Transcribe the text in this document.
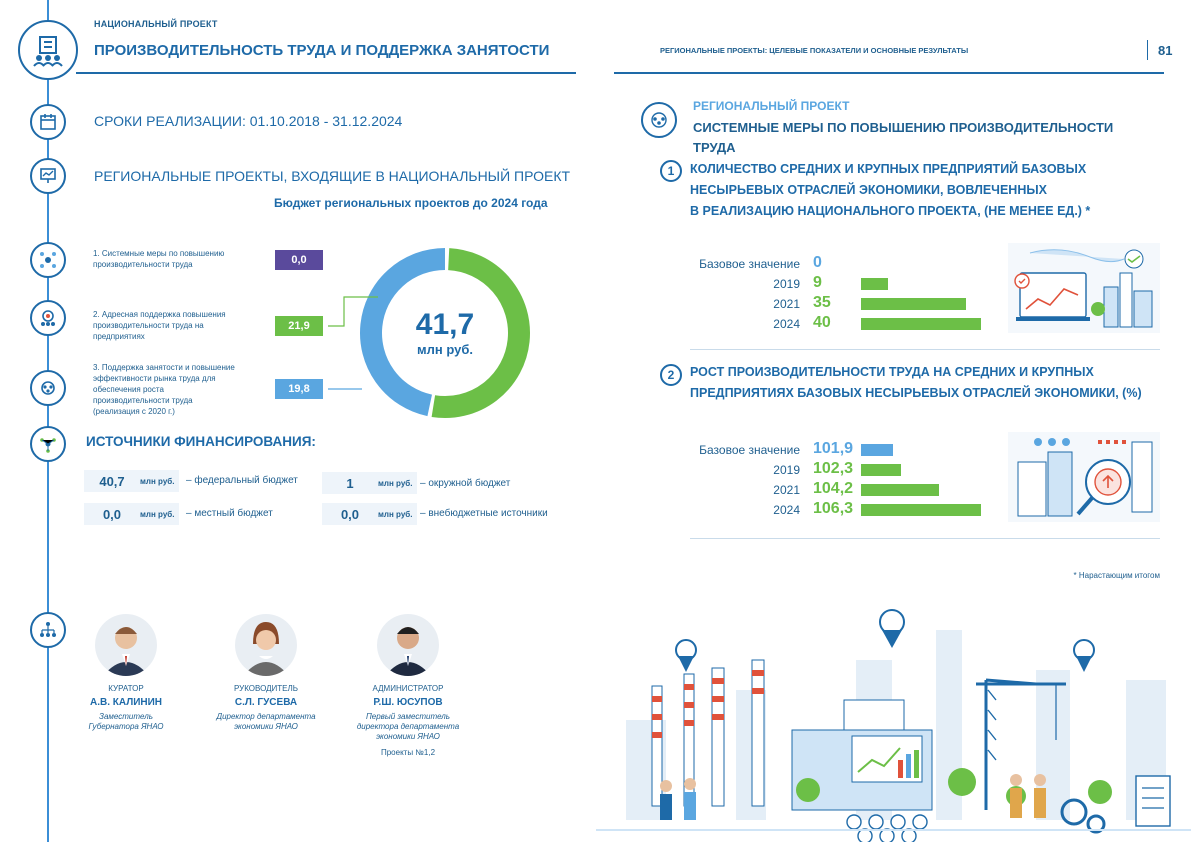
НАЦИОНАЛЬНЫЙ ПРОЕКТ
ПРОИЗВОДИТЕЛЬНОСТЬ ТРУДА И ПОДДЕРЖКА ЗАНЯТОСТИ
СРОКИ РЕАЛИЗАЦИИ: 01.10.2018 - 31.12.2024
РЕГИОНАЛЬНЫЕ ПРОЕКТЫ, ВХОДЯЩИЕ В НАЦИОНАЛЬНЫЙ ПРОЕКТ
Бюджет региональных проектов до 2024 года
1. Системные меры по повышению производительности труда
2. Адресная поддержка повышения производительности труда на предприятиях
3. Поддержка занятости и повышение эффективности рынка труда для обеспечения роста производительности труда (реализация с 2020 г.)
0,0
21,9
19,8
41,7
млн руб.
ИСТОЧНИКИ ФИНАНСИРОВАНИЯ:
40,7	млн руб.	– федеральный бюджет	1	млн руб. – окружной бюджет
0,0	млн руб.	– местный бюджет	0,0	млн руб. – внебюджетные источники
КУРАТОР
А.В. КАЛИНИН
Заместитель
Губернатора ЯНАО
РУКОВОДИТЕЛЬ
С.Л. ГУСЕВА
Директор департамента
экономики ЯНАО
АДМИНИСТРАТОР
Р.Ш. ЮСУПОВ
Первый заместитель
директора департамента
экономики ЯНАО
Проекты №1,2
РЕГИОНАЛЬНЫЕ ПРОЕКТЫ: ЦЕЛЕВЫЕ ПОКАЗАТЕЛИ И ОСНОВНЫЕ РЕЗУЛЬТАТЫ	81
РЕГИОНАЛЬНЫЙ ПРОЕКТ
СИСТЕМНЫЕ МЕРЫ ПО ПОВЫШЕНИЮ ПРОИЗВОДИТЕЛЬНОСТИ
ТРУДА
1	КОЛИЧЕСТВО СРЕДНИХ И КРУПНЫХ ПРЕДПРИЯТИЙ БАЗОВЫХ
НЕСЫРЬЕВЫХ ОТРАСЛЕЙ ЭКОНОМИКИ, ВОВЛЕЧЕННЫХ
В РЕАЛИЗАЦИЮ НАЦИОНАЛЬНОГО ПРОЕКТА, (НЕ МЕНЕЕ ЕД.) *
Базовое значение 0
2019 9
2021 35
2024 40
2	РОСТ ПРОИЗВОДИТЕЛЬНОСТИ ТРУДА НА СРЕДНИХ И КРУПНЫХ
ПРЕДПРИЯТИЯХ БАЗОВЫХ НЕСЫРЬЕВЫХ ОТРАСЛЕЙ ЭКОНОМИКИ, (%)
Базовое значение 101,9
2019 102,3
2021 104,2
2024 106,3
* Нарастающим итогом
